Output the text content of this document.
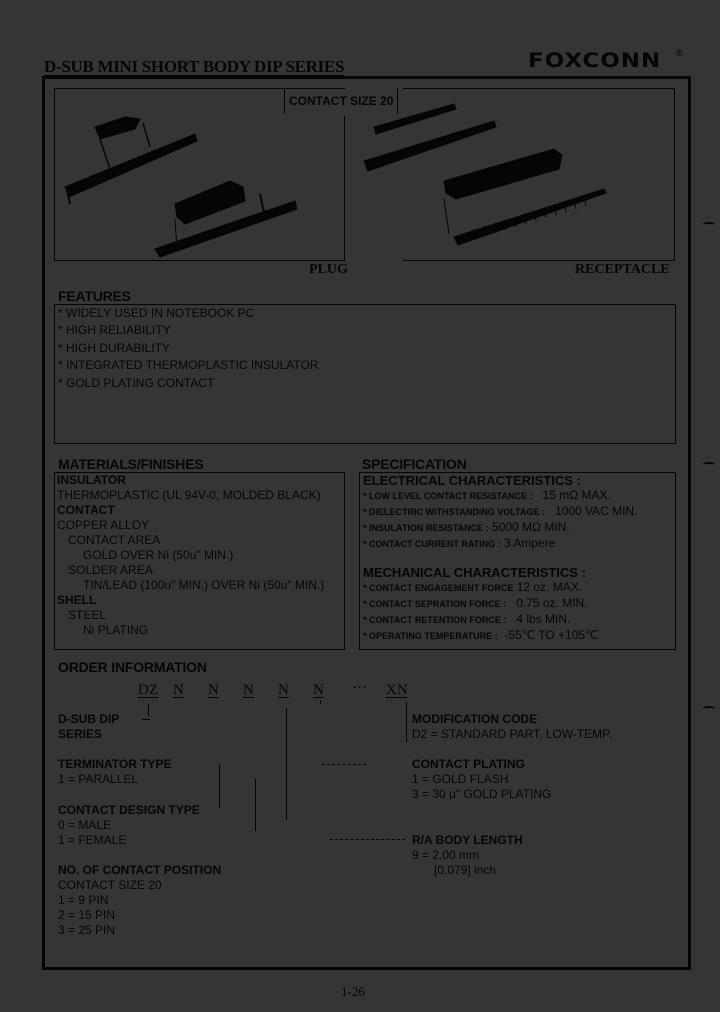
D-SUB MINI SHORT BODY DIP SERIES	FOXCONN ®
CONTACT SIZE 20
PLUG	RECEPTACLE
FEATURES
* WIDELY USED IN NOTEBOOK PC
* HIGH RELIABILITY
* HIGH DURABILITY
* INTEGRATED THERMOPLASTIC INSULATOR
* GOLD PLATING CONTACT
MATERIALS/FINISHES
INSULATOR
THERMOPLASTIC (UL 94V-0, MOLDED BLACK)
CONTACT
COPPER ALLOY
CONTACT AREA
GOLD OVER Ni (50u" MIN.)
SOLDER AREA
TIN/LEAD (100u" MIN.) OVER Ni (50u" MIN.)
SHELL
STEEL
Ni PLATING
SPECIFICATION
ELECTRICAL CHARACTERISTICS :
* LOW LEVEL CONTACT RESISTANCE : 15 mΩ MAX.
* DIELECTRIC WITHSTANDING VOLTAGE : 1000 VAC MIN.
* INSULATION RESISTANCE : 5000 MΩ MIN.
* CONTACT CURRENT RATING : 3 Ampere
MECHANICAL CHARACTERISTICS :
* CONTACT ENGAGEMENT FORCE 12 oz. MAX.
* CONTACT SEPRATION FORCE : 0.75 oz. MIN.
* CONTACT RETENTION FORCE : 4 lbs MIN.
* OPERATING TEMPERATURE : -55℃ TO +105℃
ORDER INFORMATION
DZ N N N N N ··· XN
D-SUB DIP
SERIES
TERMINATOR TYPE
1 = PARALLEL
CONTACT DESIGN TYPE
0 = MALE
1 = FEMALE
NO. OF CONTACT POSITION
CONTACT SIZE 20
1 = 9 PIN
2 = 15 PIN
3 = 25 PIN
MODIFICATION CODE
D2 = STANDARD PART, LOW-TEMP.
CONTACT PLATING
1 = GOLD FLASH
3 = 30 μ" GOLD PLATING
R/A BODY LENGTH
9 = 2.00 mm
[0.079] inch
1-26
